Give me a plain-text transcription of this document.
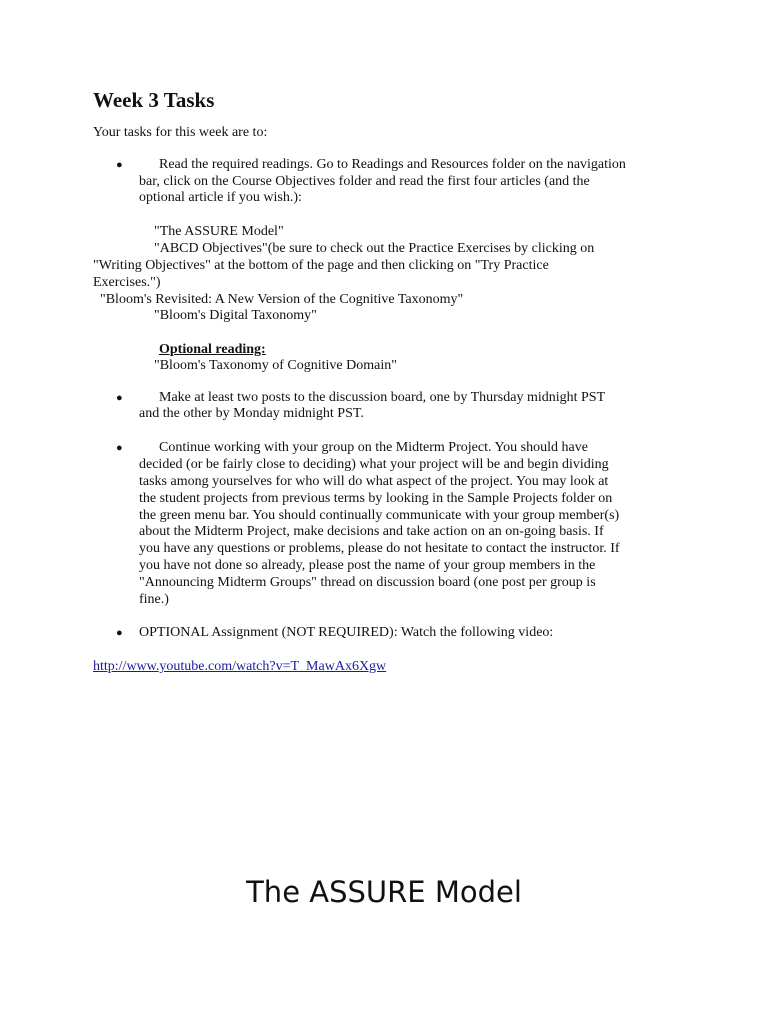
Week 3 Tasks
Your tasks for this week are to:
●	Read the required readings. Go to Readings and Resources folder on the navigation
bar, click on the Course Objectives folder and read the first four articles (and the
optional article if you wish.):
"The ASSURE Model"
"ABCD Objectives"(be sure to check out the Practice Exercises by clicking on
"Writing Objectives" at the bottom of the page and then clicking on "Try Practice
Exercises.")
"Bloom's Revisited: A New Version of the Cognitive Taxonomy"
"Bloom's Digital Taxonomy"
Optional reading:
"Bloom's Taxonomy of Cognitive Domain"
●	Make at least two posts to the discussion board, one by Thursday midnight PST
and the other by Monday midnight PST.
●	Continue working with your group on the Midterm Project. You should have
decided (or be fairly close to deciding) what your project will be and begin dividing
tasks among yourselves for who will do what aspect of the project. You may look at
the student projects from previous terms by looking in the Sample Projects folder on
the green menu bar. You should continually communicate with your group member(s)
about the Midterm Project, make decisions and take action on an on-going basis. If
you have any questions or problems, please do not hesitate to contact the instructor. If
you have not done so already, please post the name of your group members in the
"Announcing Midterm Groups" thread on discussion board (one post per group is
fine.)
● OPTIONAL Assignment (NOT REQUIRED): Watch the following video:
http://www.youtube.com/watch?v=T_MawAx6Xgw
The ASSURE Model
